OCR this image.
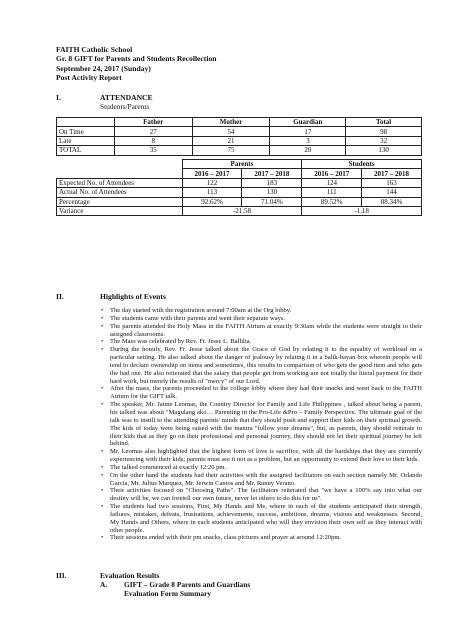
FAITH Catholic School
Gr. 8 GIFT for Parents and Students Recollection
September 24, 2017 (Sunday)
Post Activity Report
I.	ATTENDANCE
Students/Parents
	Father	Mother	Guardian	Total
On Time	27	54	17	98
Late	8	21	3	32
TOTAL	35	75	20	130
	Parents		Students	
	2016 – 2017	2017 – 2018	2016 – 2017	2017 – 2018
Expected No. of Attendees	122	183	124	163
Actual No. of Attendees	113	130	111	144
Percentage	92.62%	71.04%	89.52%	88.34%
Variance	-21.58		-1.18	
II.	Highlights of Events
• The day started with the registration around 7:00am at the Org lobby.
• The students came with their parents and went their separate ways.
• The parents attended the Holy Mass in the FAITH Atrium at exactly 9:30am while the students were straight to their assigned classrooms.
• The Mass was celebrated by Rev. Fr. Jesse L. Ballilia.
• During the homily, Rev. Fr. Jesse talked about the Grace of God by relating it to the equality of workload on a particular setting. He also talked about the danger of jealousy by relating it in a balik-bayan box wherein people will tend to declare ownership on items and sometimes, this results to comparison of who gets the good item and who gets the bad one. He also reiterated that the salary that people get from working are not totally the literal payment for their hard work, but merely the results of "mercy" of our Lord.
• After the mass, the parents proceeded to the college lobby where they had their snacks and went back to the FAITH Atrium for the GIFT talk.
• The speaker, Mr. Jaime Leornas, the Country Director for Family and Life Philippines , talked about being a parent, his talked was about "Magulang ako… Parenting in the Pro-Life &Pro – Family Perspective. The ultimate goal of the talk was to instill to the attending parents' minds that they should push and support their kids on their spiritual growth. The kids of today were being raised with the mantra "follow your dreams", but, as parents, they should reiterate to their kids that as they go on their professional and personal journey, they should not let their spiritual journey be left behind.
• Mr. Leornas also highlighted that the highest form of love is sacrifice, with all the hardships that they are currently experiencing with their kids; parents must see it not as a problem, but an opportunity to extend their love to their kids.
• The talked commenced at exactly 12:20 pm.
• On the other hand the students had their activities with the assigned facilitators on each section namely Mr. Orlando Garcia, Mr. Julius Marquez, Mr. Jerwin Cantos and Mr. Ranny Verano.
• Their activities focused on "Choosing Paths". The facilitators reiterated that "we have a 100% say into what our destiny will be, we can foretell our own future, never let others to do this for us".
• The students had two sessions, First, My Hands and Me, where in each of the students anticipated their strength, failures, mistakes, defeats, frustrations, achievements, success, ambitions, dreams, visions and weaknesses. Second, My Hands and Others, where in each students anticipated who will they envision their own self as they interact with other people.
• Their sessions ended with their pm snacks, class pictures and prayer at around 12:20pm.
III.	Evaluation Results
A. GIFT – Grade 8 Parents and Guardians
Evaluation Form Summary
